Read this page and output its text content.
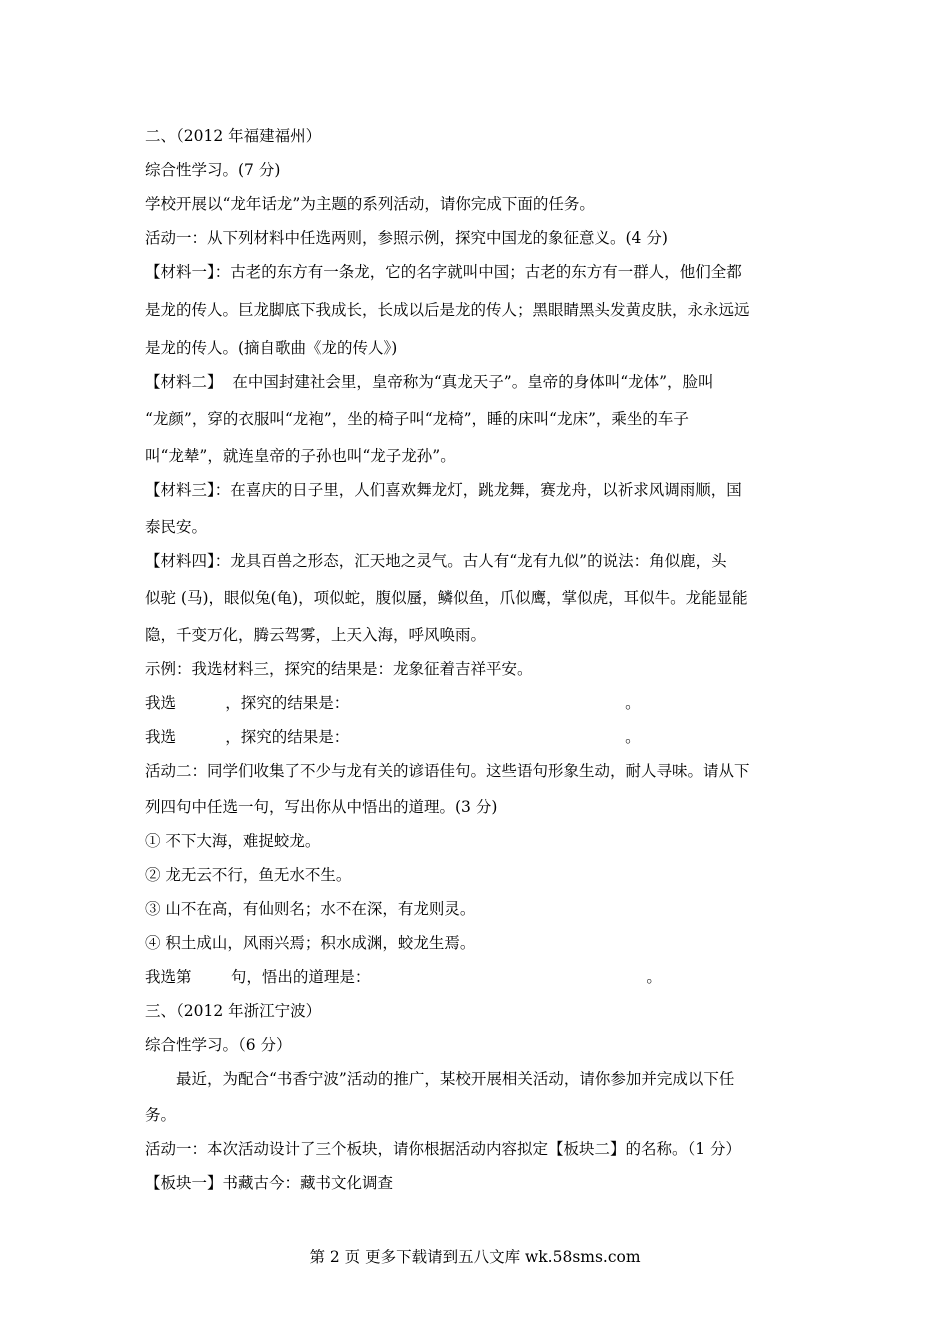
二、（2012 年福建福州）
综合性学习。(7 分)
学校开展以“龙年话龙”为主题的系列活动，请你完成下面的任务。
活动一：从下列材料中任选两则，参照示例，探究中国龙的象征意义。(4 分)
【材料一】：古老的东方有一条龙，它的名字就叫中国；古老的东方有一群人，他们全都
是龙的传人。巨龙脚底下我成长，长成以后是龙的传人；黑眼睛黑头发黄皮肤，永永远远
是龙的传人。(摘自歌曲《龙的传人》)
【材料二】  在中国封建社会里，皇帝称为“真龙天子”。皇帝的身体叫“龙体”，脸叫
“龙颜”，穿的衣服叫“龙袍”，坐的椅子叫“龙椅”，睡的床叫“龙床”，乘坐的车子
叫“龙辇”，就连皇帝的子孙也叫“龙子龙孙”。
【材料三】：在喜庆的日子里，人们喜欢舞龙灯，跳龙舞，赛龙舟，以祈求风调雨顺，国
泰民安。
【材料四】：龙具百兽之形态，汇天地之灵气。古人有“龙有九似”的说法：角似鹿，头
似驼 (马)，眼似兔(龟)，项似蛇，腹似蜃，鳞似鱼，爪似鹰，掌似虎，耳似牛。龙能显能
隐，千变万化，腾云驾雾，上天入海，呼风唤雨。
示例：我选材料三，探究的结果是：龙象征着吉祥平安。
我选          ，探究的结果是：                                                        。
我选          ，探究的结果是：                                                        。
活动二：同学们收集了不少与龙有关的谚语佳句。这些语句形象生动，耐人寻味。请从下
列四句中任选一句，写出你从中悟出的道理。(3 分)
① 不下大海，难捉蛟龙。
② 龙无云不行，鱼无水不生。
③ 山不在高，有仙则名；水不在深，有龙则灵。
④ 积土成山，风雨兴焉；积水成渊，蛟龙生焉。
我选第        句，悟出的道理是：                                                        。
三、（2012 年浙江宁波）
综合性学习。（6 分）
最近，为配合“书香宁波”活动的推广，某校开展相关活动，请你参加并完成以下任
务。
活动一：本次活动设计了三个板块，请你根据活动内容拟定【板块二】的名称。（1 分）
【板块一】书藏古今：藏书文化调查
第 2 页 更多下载请到五八文库 wk.58sms.com
